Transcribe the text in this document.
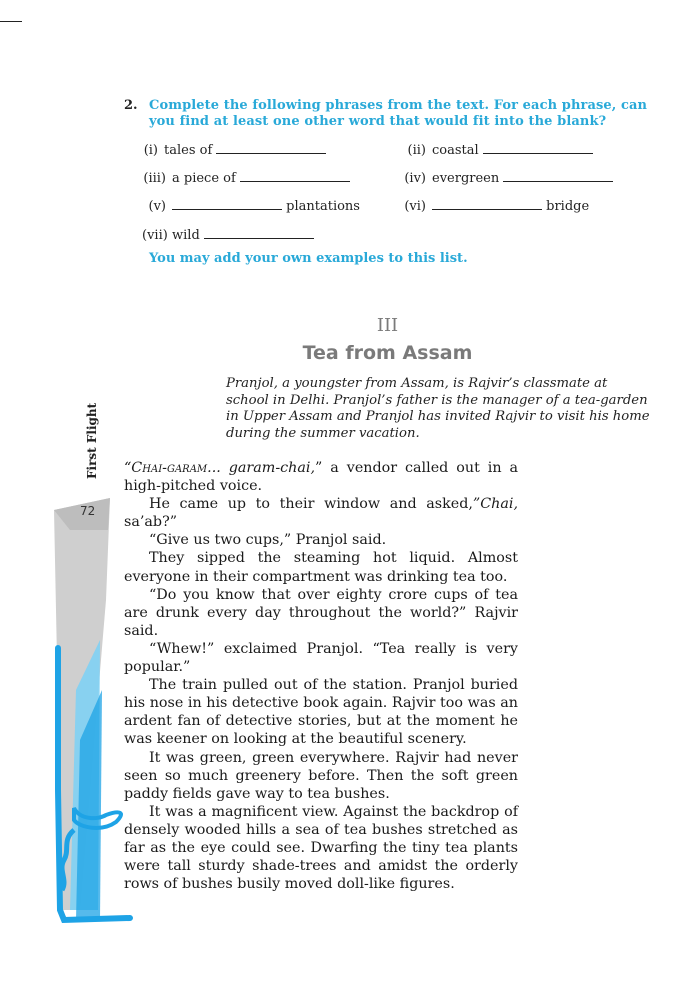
2. Complete the following phrases from the text. For each phrase, can you find at least one other word that would fit into the blank?
(i) tales of	(ii) coastal
(iii) a piece of	(iv) evergreen
(v)	plantations	(vi)	bridge
(vii) wild
You may add your own examples to this list.
III
Tea from Assam
Pranjol, a youngster from Assam, is Rajvir’s classmate at school in Delhi. Pranjol’s father is the manager of a tea-garden in Upper Assam and Pranjol has invited Rajvir to visit his home during the summer vacation.

“Chai-garam... garam-chai,” a vendor called out in a high-pitched voice.

He came up to their window and asked,”Chai, sa’ab?”

“Give us two cups,” Pranjol said.

They sipped the steaming hot liquid. Almost everyone in their compartment was drinking tea too.

“Do you know that over eighty crore cups of tea are drunk every day throughout the world?” Rajvir said.

“Whew!” exclaimed Pranjol. “Tea really is very popular.”

The train pulled out of the station. Pranjol buried his nose in his detective book again. Rajvir too was an ardent fan of detective stories, but at the moment he was keener on looking at the beautiful scenery.

It was green, green everywhere. Rajvir had never seen so much greenery before. Then the soft green paddy fields gave way to tea bushes.

It was a magnificent view. Against the backdrop of densely wooded hills a sea of tea bushes stretched as far as the eye could see. Dwarfing the tiny tea plants were tall sturdy shade-trees and amidst the orderly rows of bushes busily moved doll-like figures.

First Flight
72
